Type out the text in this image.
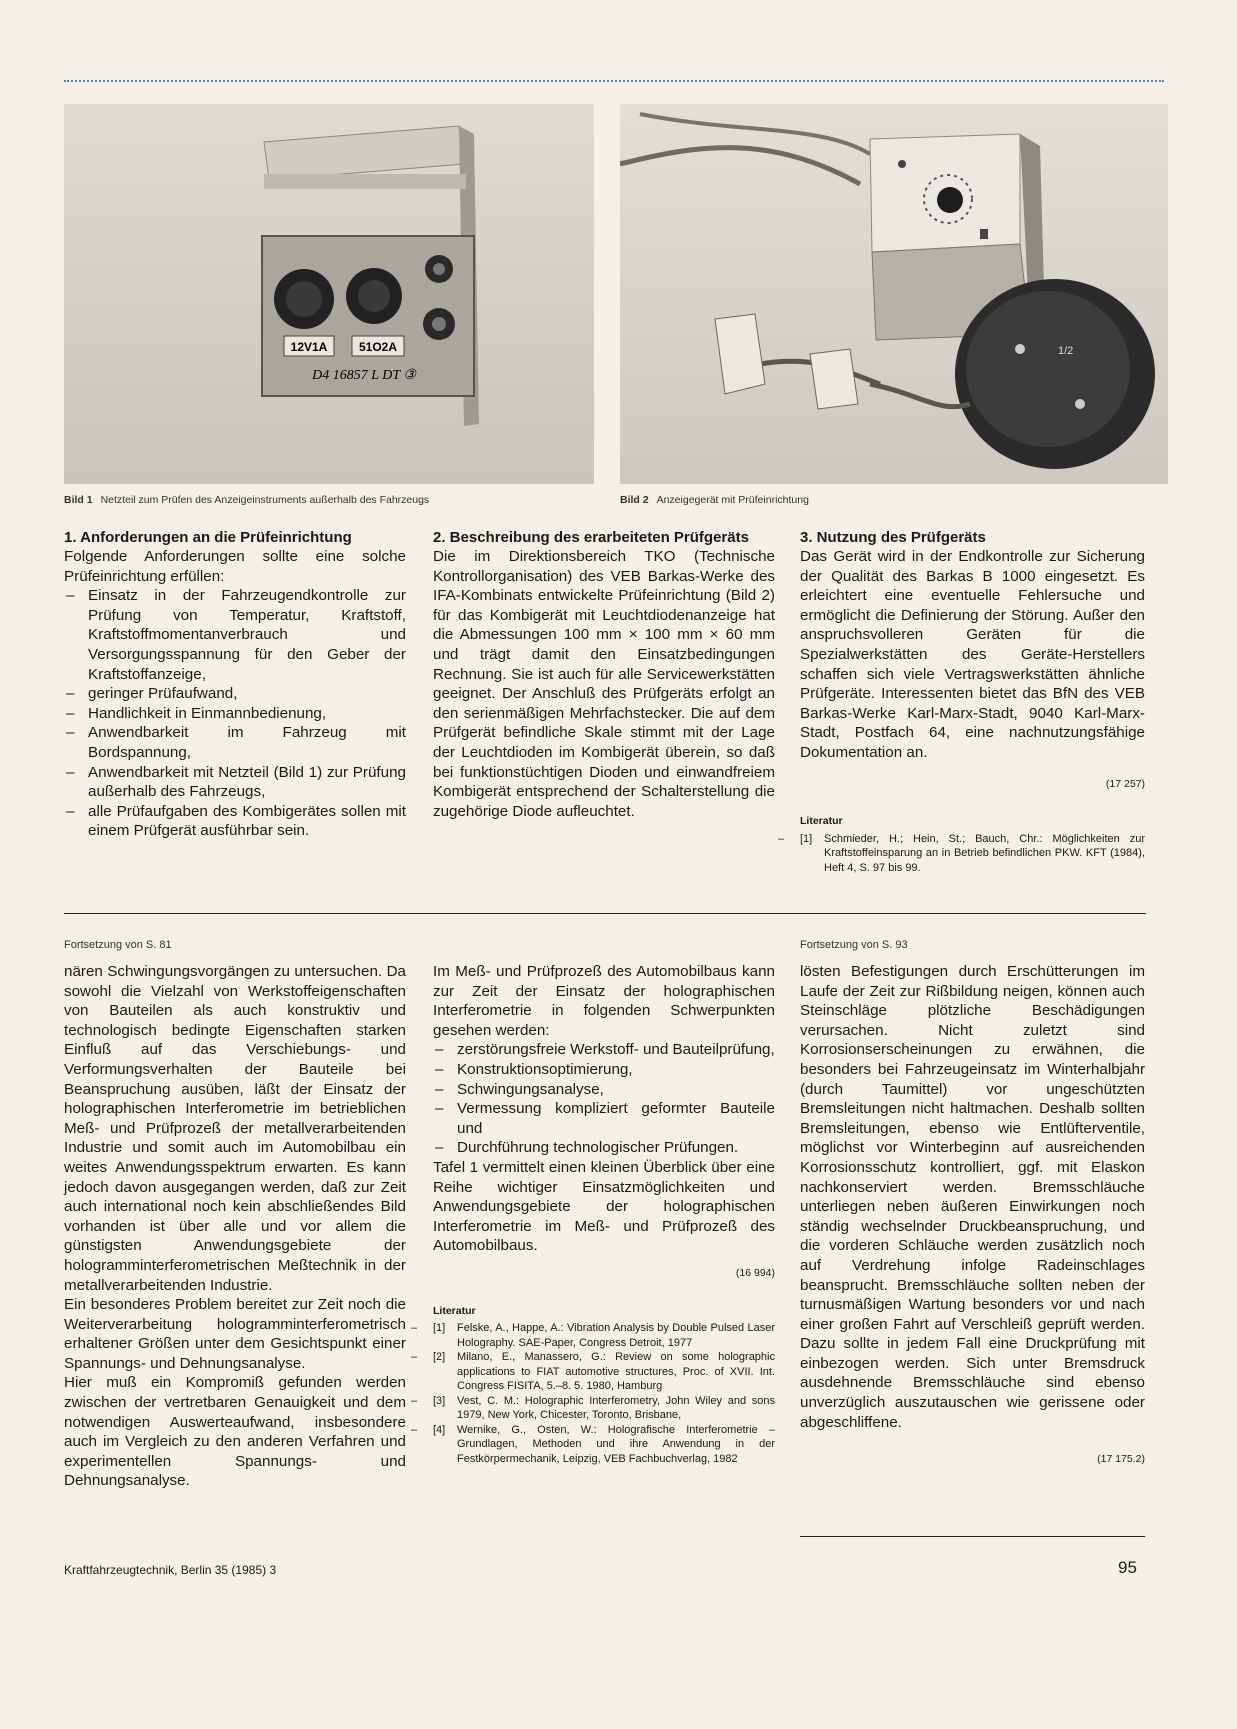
12V1A	51O2A
D4 16857 L DT ③
Bild 1 Netzteil zum Prüfen des Anzeigeinstruments außerhalb des Fahrzeugs
1/2
Bild 2 Anzeigegerät mit Prüfeinrichtung
1. Anforderungen an die Prüfeinrichtung

Folgende Anforderungen sollte eine solche Prüfeinrichtung erfüllen:

– Einsatz in der Fahrzeugendkontrolle zur Prüfung von Temperatur, Kraftstoff, Kraftstoffmomentanverbrauch und Versorgungsspannung für den Geber der Kraftstoffanzeige,
– geringer Prüfaufwand,
– Handlichkeit in Einmannbedienung,
– Anwendbarkeit im Fahrzeug mit Bordspannung,
– Anwendbarkeit mit Netzteil (Bild 1) zur Prüfung außerhalb des Fahrzeugs,
– alle Prüfaufgaben des Kombigerätes sollen mit einem Prüfgerät ausführbar sein.
2. Beschreibung des erarbeiteten Prüfgeräts

Die im Direktionsbereich TKO (Technische Kontrollorganisation) des VEB Barkas-Werke des IFA-Kombinats entwickelte Prüfeinrichtung (Bild 2) für das Kombigerät mit Leuchtdiodenanzeige hat die Abmessungen 100 mm × 100 mm × 60 mm und trägt damit den Einsatzbedingungen Rechnung. Sie ist auch für alle Servicewerkstätten geeignet. Der Anschluß des Prüfgeräts erfolgt an den serienmäßigen Mehrfachstecker. Die auf dem Prüfgerät befindliche Skale stimmt mit der Lage der Leuchtdioden im Kombigerät überein, so daß bei funktionstüchtigen Dioden und einwandfreiem Kombigerät entsprechend der Schalterstellung die zugehörige Diode aufleuchtet.

3. Nutzung des Prüfgeräts

Das Gerät wird in der Endkontrolle zur Sicherung der Qualität des Barkas B 1000 eingesetzt. Es erleichtert eine eventuelle Fehlersuche und ermöglicht die Definierung der Störung. Außer den anspruchsvolleren Geräten für die Spezialwerkstätten des Geräte-Herstellers schaffen sich viele Vertragswerkstätten ähnliche Prüfgeräte. Interessenten bietet das BfN des VEB Barkas-Werke Karl-Marx-Stadt, 9040 Karl-Marx-Stadt, Postfach 64, eine nachnutzungsfähige Dokumentation an.

(17 257)
Literatur
– [1] Schmieder, H.; Hein, St.; Bauch, Chr.: Möglichkeiten zur Kraftstoffeinsparung an in Betrieb befindlichen PKW. KFT (1984), Heft 4, S. 97 bis 99.
Fortsetzung von S. 81	Fortsetzung von S. 93

nären Schwingungsvorgängen zu untersuchen. Da sowohl die Vielzahl von Werkstoffeigenschaften von Bauteilen als auch konstruktiv und technologisch bedingte Eigenschaften starken Einfluß auf das Verschiebungs- und Verformungsverhalten der Bauteile bei Beanspruchung ausüben, läßt der Einsatz der holographischen Interferometrie im betrieblichen Meß- und Prüfprozeß der metallverarbeitenden Industrie und somit auch im Automobilbau ein weites Anwendungsspektrum erwarten. Es kann jedoch davon ausgegangen werden, daß zur Zeit auch international noch kein abschließendes Bild vorhanden ist über alle und vor allem die günstigsten Anwendungsgebiete der hologramminterferometrischen Meßtechnik in der metallverarbeitenden Industrie.

Ein besonderes Problem bereitet zur Zeit noch die Weiterverarbeitung hologramminterferometrisch erhaltener Größen unter dem Gesichtspunkt einer Spannungs- und Dehnungsanalyse.

Hier muß ein Kompromiß gefunden werden zwischen der vertretbaren Genauigkeit und dem notwendigen Auswerteaufwand, insbesondere auch im Vergleich zu den anderen Verfahren und experimentellen Spannungs- und Dehnungsanalyse.

Im Meß- und Prüfprozeß des Automobilbaus kann zur Zeit der Einsatz der holographischen Interferometrie in folgenden Schwerpunkten gesehen werden:

– zerstörungsfreie Werkstoff- und Bauteilprüfung,
– Konstruktionsoptimierung,
– Schwingungsanalyse,
– Vermessung kompliziert geformter Bauteile und
– Durchführung technologischer Prüfungen.

Tafel 1 vermittelt einen kleinen Überblick über eine Reihe wichtiger Einsatzmöglichkeiten und Anwendungsgebiete der holographischen Interferometrie im Meß- und Prüfprozeß des Automobilbaus.

(16 994)
Literatur
– [1] Felske, A., Happe, A.: Vibration Analysis by Double Pulsed Laser Holography. SAE-Paper, Congress Detroit, 1977
– [2] Milano, E., Manassero, G.: Review on some holographic applications to FIAT automotive structures, Proc. of XVII. Int. Congress FISITA, 5.–8. 5. 1980, Hamburg
– [3] Vest, C. M.: Holographic Interferometry, John Wiley and sons 1979, New York, Chicester, Toronto, Brisbane,
– [4] Wernike, G., Osten, W.: Holografische Interferometrie – Grundlagen, Methoden und ihre Anwendung in der Festkörpermechanik, Leipzig, VEB Fachbuchverlag, 1982

lösten Befestigungen durch Erschütterungen im Laufe der Zeit zur Rißbildung neigen, können auch Steinschläge plötzliche Beschädigungen verursachen. Nicht zuletzt sind Korrosionserscheinungen zu erwähnen, die besonders bei Fahrzeugeinsatz im Winterhalbjahr (durch Taumittel) vor ungeschützten Bremsleitungen nicht haltmachen. Deshalb sollten Bremsleitungen, ebenso wie Entlüfterventile, möglichst vor Winterbeginn auf ausreichenden Korrosionsschutz kontrolliert, ggf. mit Elaskon nachkonserviert werden. Bremsschläuche unterliegen neben äußeren Einwirkungen noch ständig wechselnder Druckbeanspruchung, und die vorderen Schläuche werden zusätzlich noch auf Verdrehung infolge Radeinschlages beansprucht. Bremsschläuche sollten neben der turnusmäßigen Wartung besonders vor und nach einer großen Fahrt auf Verschleiß geprüft werden. Dazu sollte in jedem Fall eine Druckprüfung mit einbezogen werden. Sich unter Bremsdruck ausdehnende Bremsschläuche sind ebenso unverzüglich auszutauschen wie gerissene oder abgeschliffene.

(17 175.2)
Kraftfahrzeugtechnik, Berlin 35 (1985) 3	95
